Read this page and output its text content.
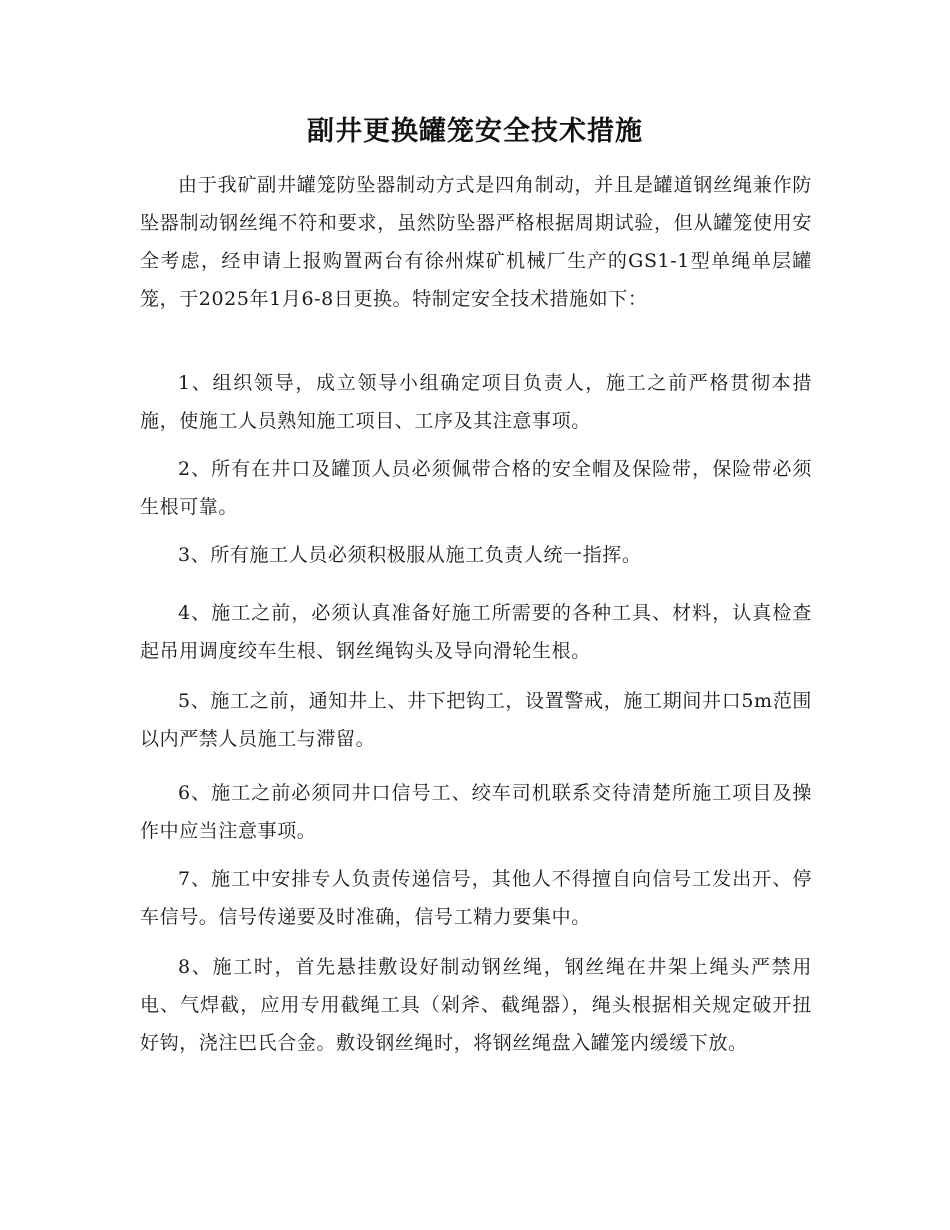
副井更换罐笼安全技术措施

由于我矿副井罐笼防坠器制动方式是四角制动，并且是罐道钢丝绳兼作防坠器制动钢丝绳不符和要求，虽然防坠器严格根据周期试验，但从罐笼使用安全考虑，经申请上报购置两台有徐州煤矿机械厂生产的GS1-1型单绳单层罐笼，于2025年1月6-8日更换。特制定安全技术措施如下：

1、组织领导，成立领导小组确定项目负责人，施工之前严格贯彻本措施，使施工人员熟知施工项目、工序及其注意事项。

2、所有在井口及罐顶人员必须佩带合格的安全帽及保险带，保险带必须生根可靠。

3、所有施工人员必须积极服从施工负责人统一指挥。

4、施工之前，必须认真准备好施工所需要的各种工具、材料，认真检查起吊用调度绞车生根、钢丝绳钩头及导向滑轮生根。

5、施工之前，通知井上、井下把钩工，设置警戒，施工期间井口5m范围以内严禁人员施工与滞留。

6、施工之前必须同井口信号工、绞车司机联系交待清楚所施工项目及操作中应当注意事项。

7、施工中安排专人负责传递信号，其他人不得擅自向信号工发出开、停车信号。信号传递要及时准确，信号工精力要集中。

8、施工时，首先悬挂敷设好制动钢丝绳，钢丝绳在井架上绳头严禁用电、气焊截，应用专用截绳工具（剁斧、截绳器），绳头根据相关规定破开扭好钩，浇注巴氏合金。敷设钢丝绳时，将钢丝绳盘入罐笼内缓缓下放。
